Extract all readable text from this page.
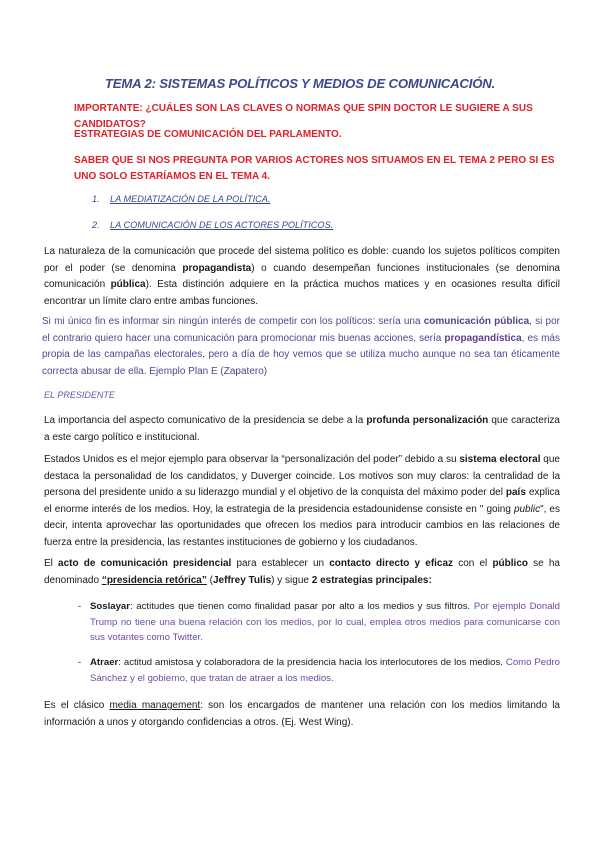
TEMA 2: SISTEMAS POLÍTICOS Y MEDIOS DE COMUNICACIÓN.
IMPORTANTE: ¿CUÁLES SON LAS CLAVES O NORMAS QUE SPIN DOCTOR LE SUGIERE A SUS CANDIDATOS?
ESTRATEGIAS DE COMUNICACIÓN DEL PARLAMENTO.
SABER QUE SI NOS PREGUNTA POR VARIOS ACTORES NOS SITUAMOS EN EL TEMA 2 PERO SI ES UNO SOLO ESTARÍAMOS EN EL TEMA 4.
1. LA MEDIATIZACIÓN DE LA POLÍTICA.
2. LA COMUNICACIÓN DE LOS ACTORES POLÍTICOS.
La naturaleza de la comunicación que procede del sistema político es doble: cuando los sujetos políticos compiten por el poder (se denomina propagandista) o cuando desempeñan funciones institucionales (se denomina comunicación pública). Esta distinción adquiere en la práctica muchos matices y en ocasiones resulta difícil encontrar un límite claro entre ambas funciones.
Si mi único fin es informar sin ningún interés de competir con los políticos: sería una comunicación pública, si por el contrario quiero hacer una comunicación para promocionar mis buenas acciones, sería propagandística, es más propia de las campañas electorales, pero a día de hoy vemos que se utiliza mucho aunque no sea tan éticamente correcta abusar de ella. Ejemplo Plan E (Zapatero)
EL PRESIDENTE
La importancia del aspecto comunicativo de la presidencia se debe a la profunda personalización que caracteriza a este cargo político e institucional.
Estados Unidos es el mejor ejemplo para observar la “personalización del poder” debido a su sistema electoral que destaca la personalidad de los candidatos, y Duverger coincide. Los motivos son muy claros: la centralidad de la persona del presidente unido a su liderazgo mundial y el objetivo de la conquista del máximo poder del país explica el enorme interés de los medios. Hoy, la estrategia de la presidencia estadounidense consiste en " going public", es decir, intenta aprovechar las oportunidades que ofrecen los medios para introducir cambios en las relaciones de fuerza entre la presidencia, las restantes instituciones de gobierno y los ciudadanos.
El acto de comunicación presidencial para establecer un contacto directo y eficaz con el público se ha denominado “presidencia retórica” (Jeffrey Tulis) y sigue 2 estrategias principales:
- Soslayar: actitudes que tienen como finalidad pasar por alto a los medios y sus filtros. Por ejemplo Donald Trump no tiene una buena relación con los medios, por lo cual, emplea otros medios para comunicarse con sus votantes como Twitter.
- Atraer: actitud amistosa y colaboradora de la presidencia hacia los interlocutores de los medios. Como Pedro Sánchez y el gobierno, que tratan de atraer a los medios.
Es el clásico media management: son los encargados de mantener una relación con los medios limitando la información a unos y otorgando confidencias a otros. (Ej. West Wing).
